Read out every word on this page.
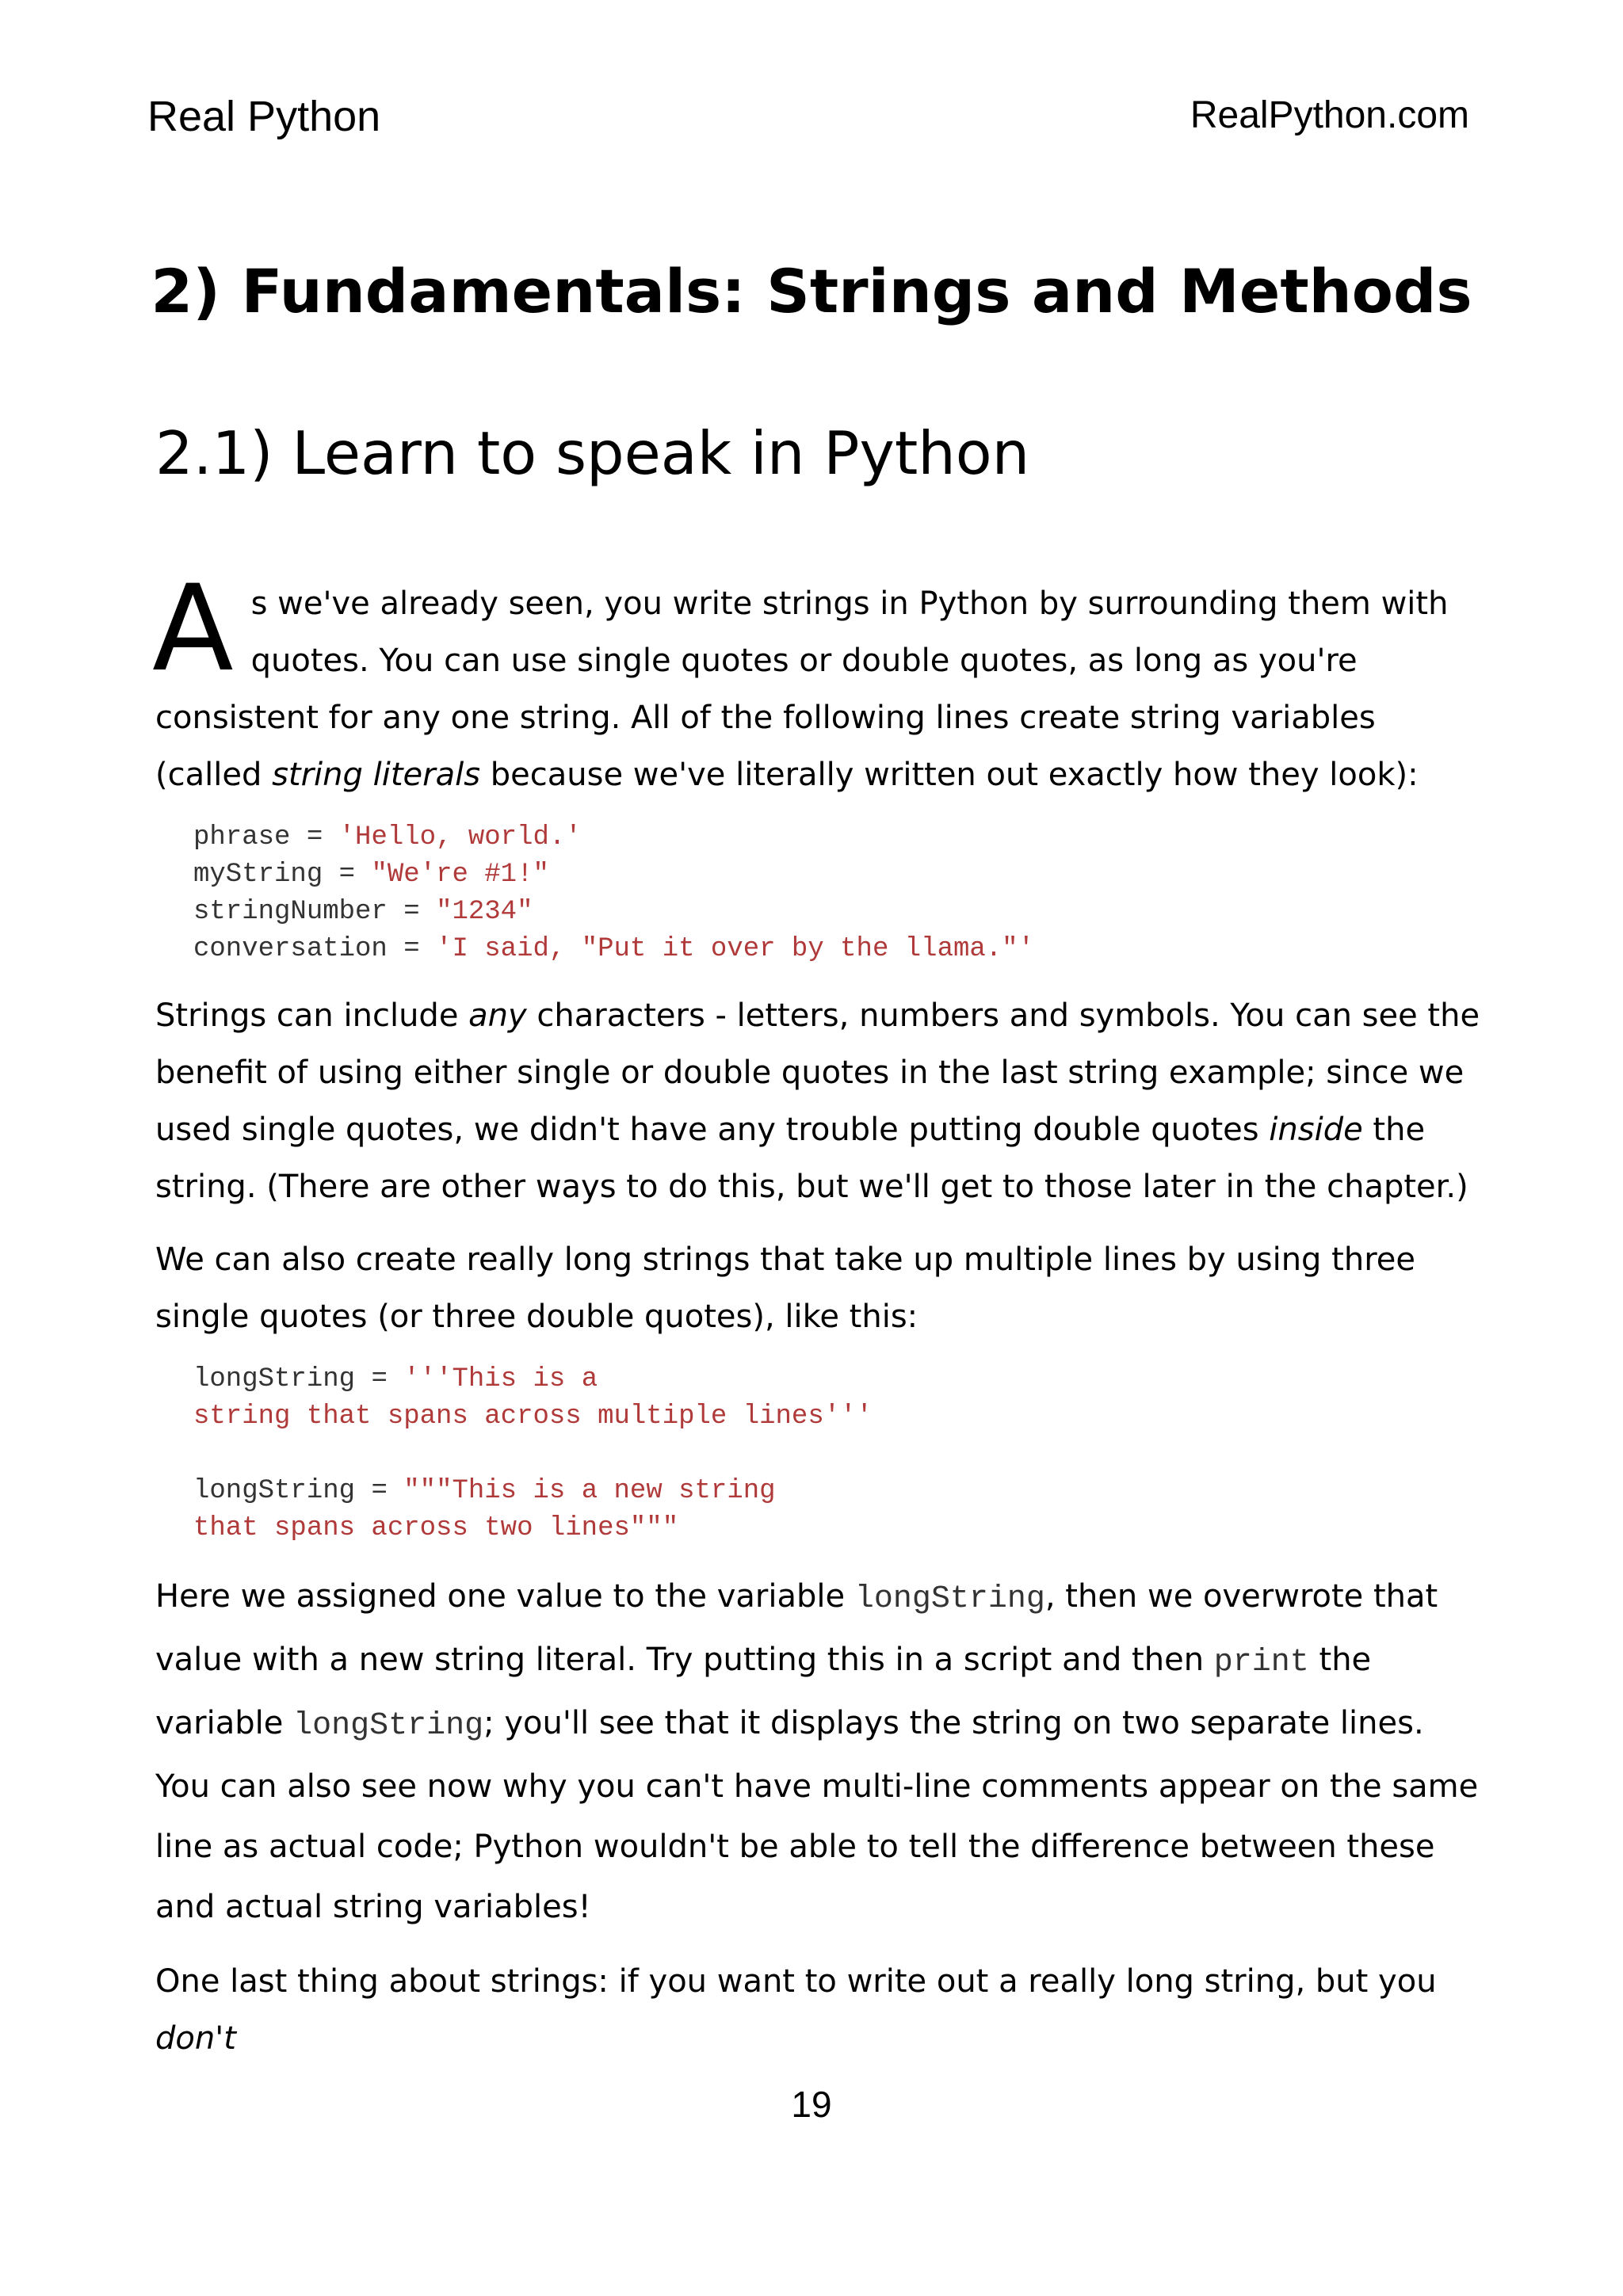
Real Python	RealPython.com
2) Fundamentals: Strings and Methods
2.1) Learn to speak in Python

As we've already seen, you write strings in Python by surrounding them with quotes. You can use single quotes or double quotes, as long as you're consistent for any one string. All of the following lines create string variables (called string literals because we've literally written out exactly how they look):

phrase = 'Hello, world.'
myString = "We're #1!"
stringNumber = "1234"
conversation = 'I said, "Put it over by the llama."'

Strings can include any characters - letters, numbers and symbols. You can see the benefit of using either single or double quotes in the last string example; since we used single quotes, we didn't have any trouble putting double quotes inside the string. (There are other ways to do this, but we'll get to those later in the chapter.)

We can also create really long strings that take up multiple lines by using three single quotes (or three double quotes), like this:

longString = '''This is a
string that spans across multiple lines'''
longString = """This is a new string
that spans across two lines"""

Here we assigned one value to the variable longString, then we overwrote that value with a new string literal. Try putting this in a script and then print the variable longString; you'll see that it displays the string on two separate lines. You can also see now why you can't have multi-line comments appear on the same line as actual code; Python wouldn't be able to tell the difference between these and actual string variables!

One last thing about strings: if you want to write out a really long string, but you don't

19
